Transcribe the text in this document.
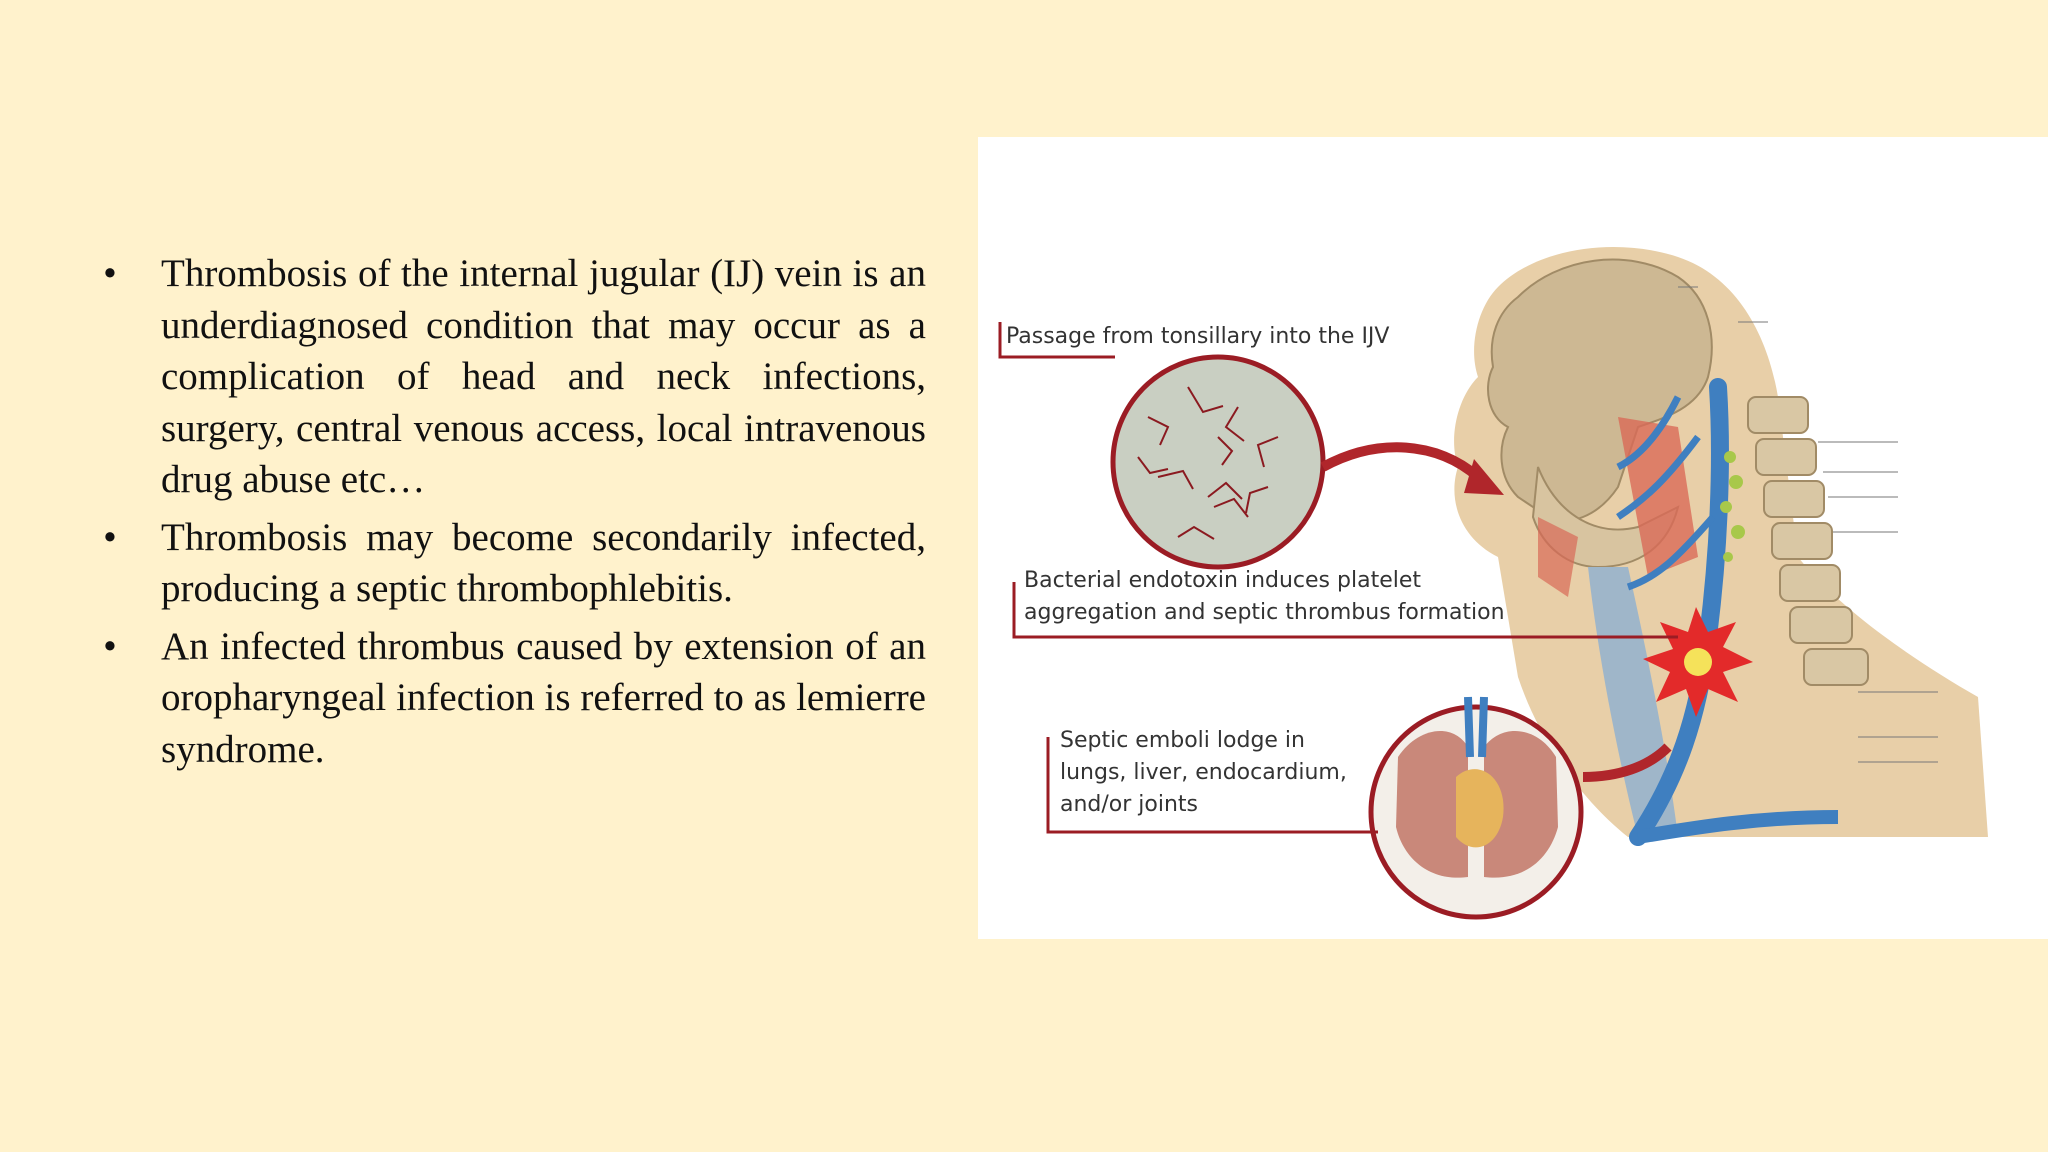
• Thrombosis of the internal jugular (IJ) vein is an underdiagnosed condition that may occur as a complication of head and neck infections, surgery, central venous access, local intravenous drug abuse etc…
• Thrombosis may become secondarily infected, producing a septic thrombophlebitis.
• An infected thrombus caused by extension of an oropharyngeal infection is referred to as lemierre syndrome.
Passage from tonsillary into the IJV
Bacterial endotoxin induces platelet
aggregation and septic thrombus formation
Septic emboli lodge in
lungs, liver, endocardium,
and/or joints
